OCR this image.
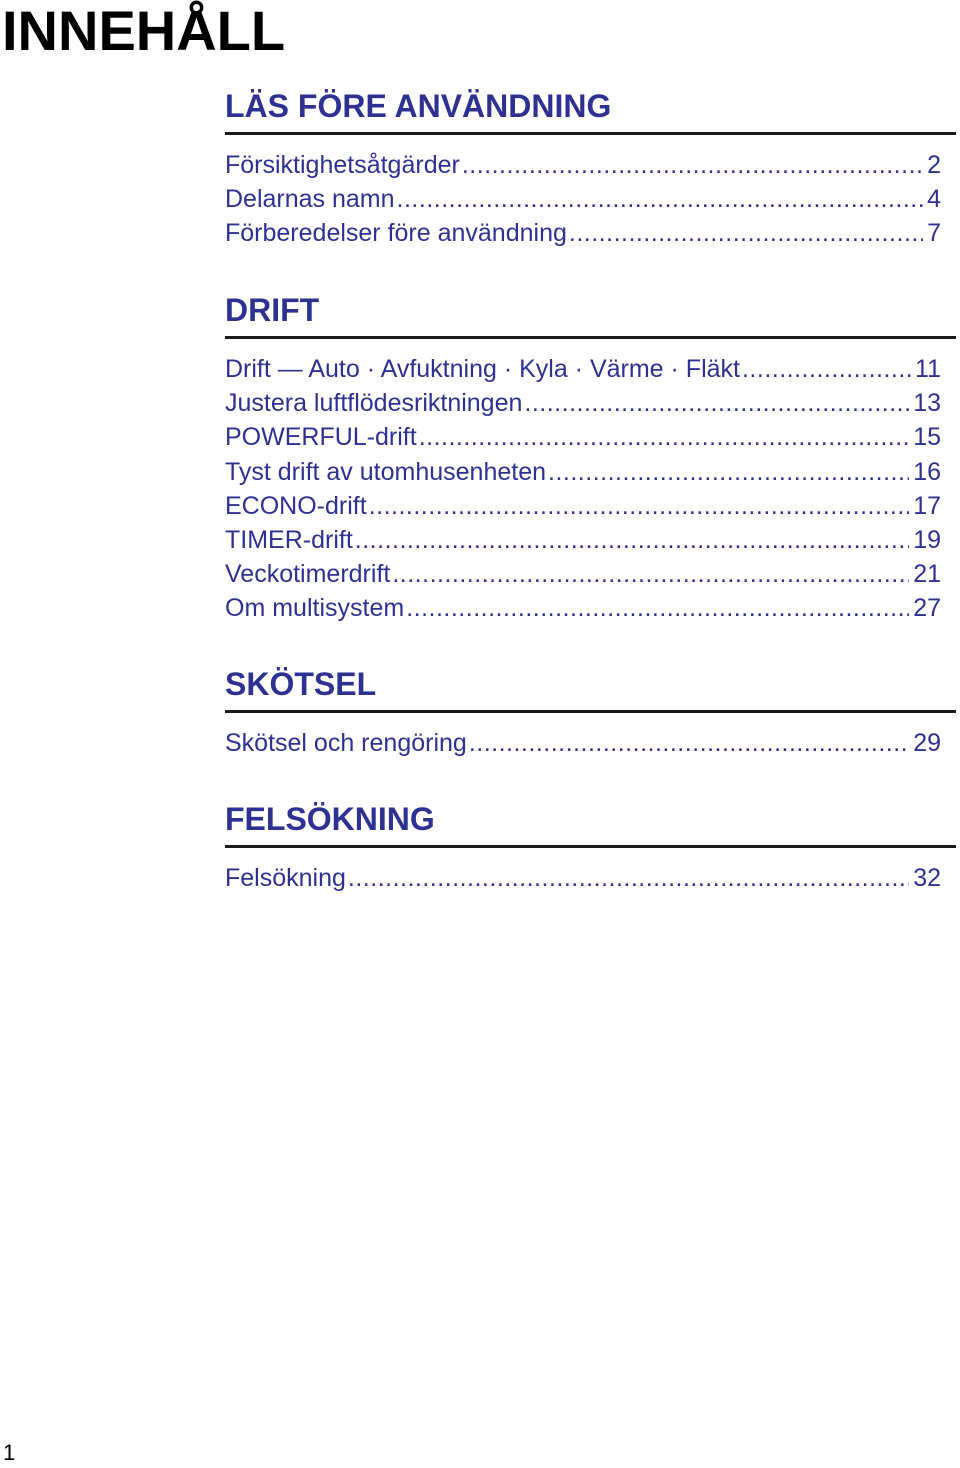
INNEHÅLL
LÄS FÖRE ANVÄNDNING
Försiktighetsåtgärder .....	2
Delarnas namn .....	4
Förberedelser före användning .....	7
DRIFT
Drift — Auto · Avfuktning · Kyla · Värme · Fläkt .....	11
Justera luftflödesriktningen .....	13
POWERFUL-drift .....	15
Tyst drift av utomhusenheten .....	16
ECONO-drift .....	17
TIMER-drift .....	19
Veckotimerdrift .....	21
Om multisystem .....	27
SKÖTSEL
Skötsel och rengöring .....	29
FELSÖKNING
Felsökning .....	32

1
